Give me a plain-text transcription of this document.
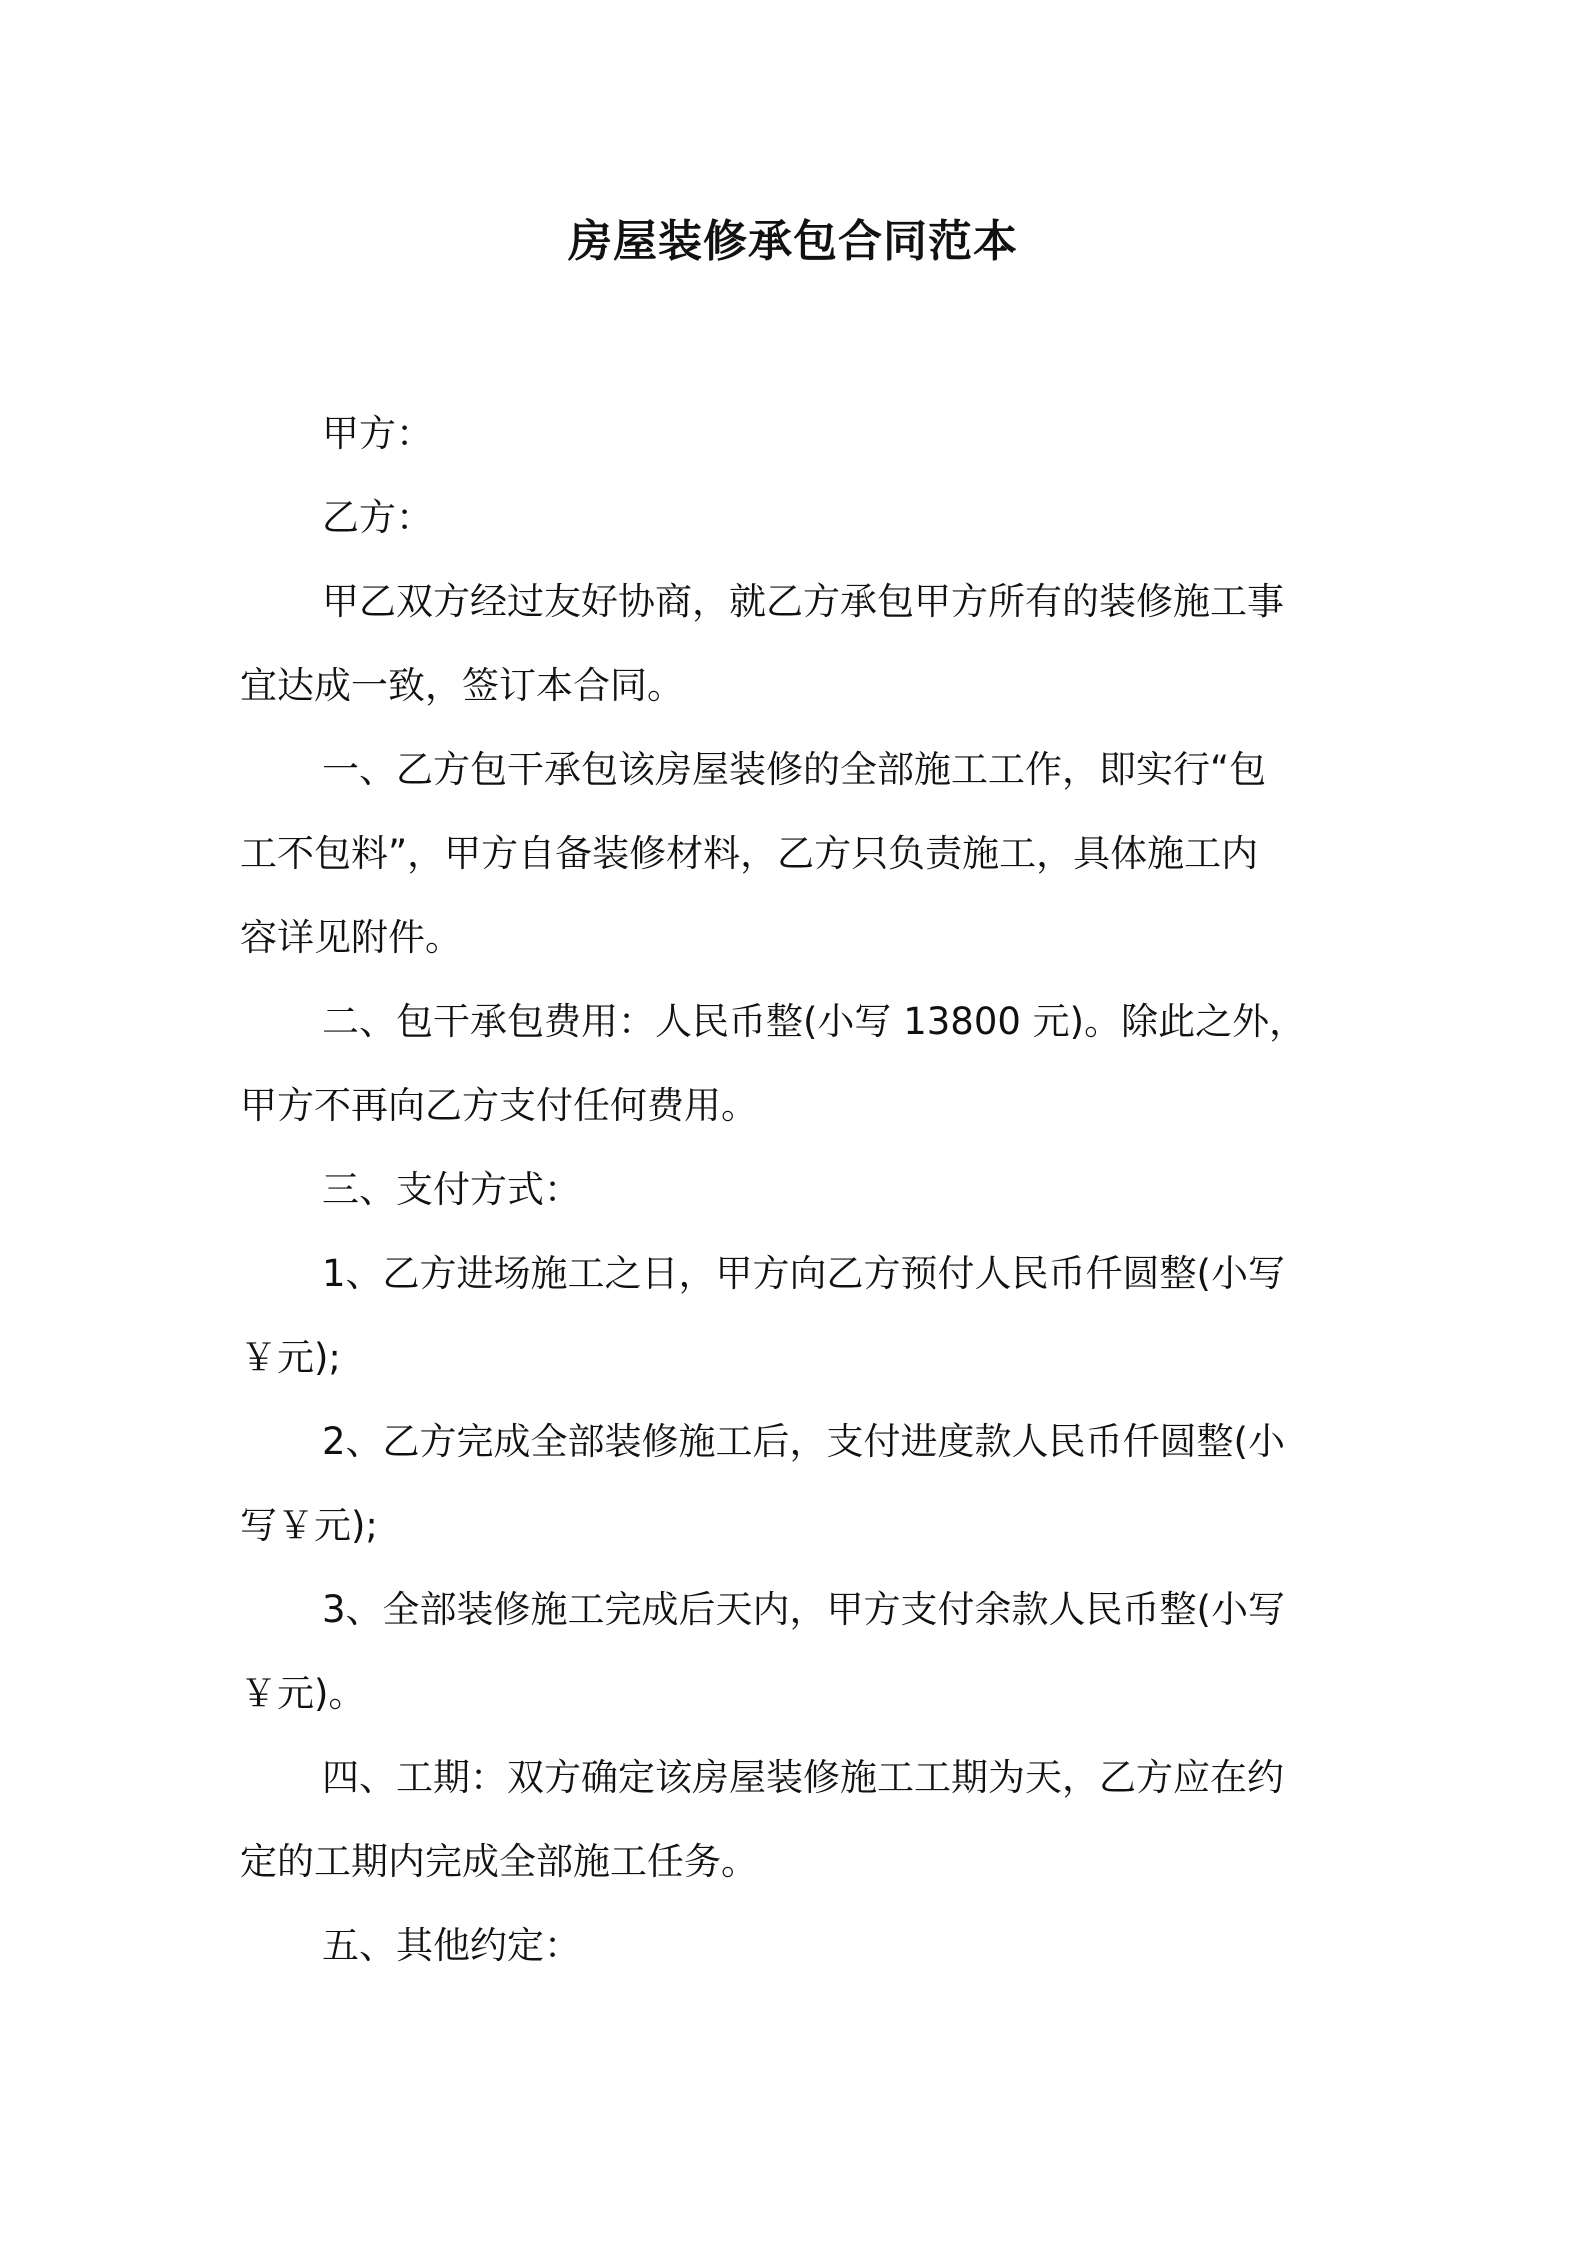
房屋装修承包合同范本
甲方：
乙方：
甲乙双方经过友好协商，就乙方承包甲方所有的装修施工事
宜达成一致，签订本合同。
一、乙方包干承包该房屋装修的全部施工工作，即实行“包
工不包料”，甲方自备装修材料，乙方只负责施工，具体施工内
容详见附件。
二、包干承包费用：人民币整(小写 13800 元)。除此之外，
甲方不再向乙方支付任何费用。
三、支付方式：
1、乙方进场施工之日，甲方向乙方预付人民币仟圆整(小写
￥元);
2、乙方完成全部装修施工后，支付进度款人民币仟圆整(小
写￥元);
3、全部装修施工完成后天内，甲方支付余款人民币整(小写
￥元)。
四、工期：双方确定该房屋装修施工工期为天，乙方应在约
定的工期内完成全部施工任务。
五、其他约定：
